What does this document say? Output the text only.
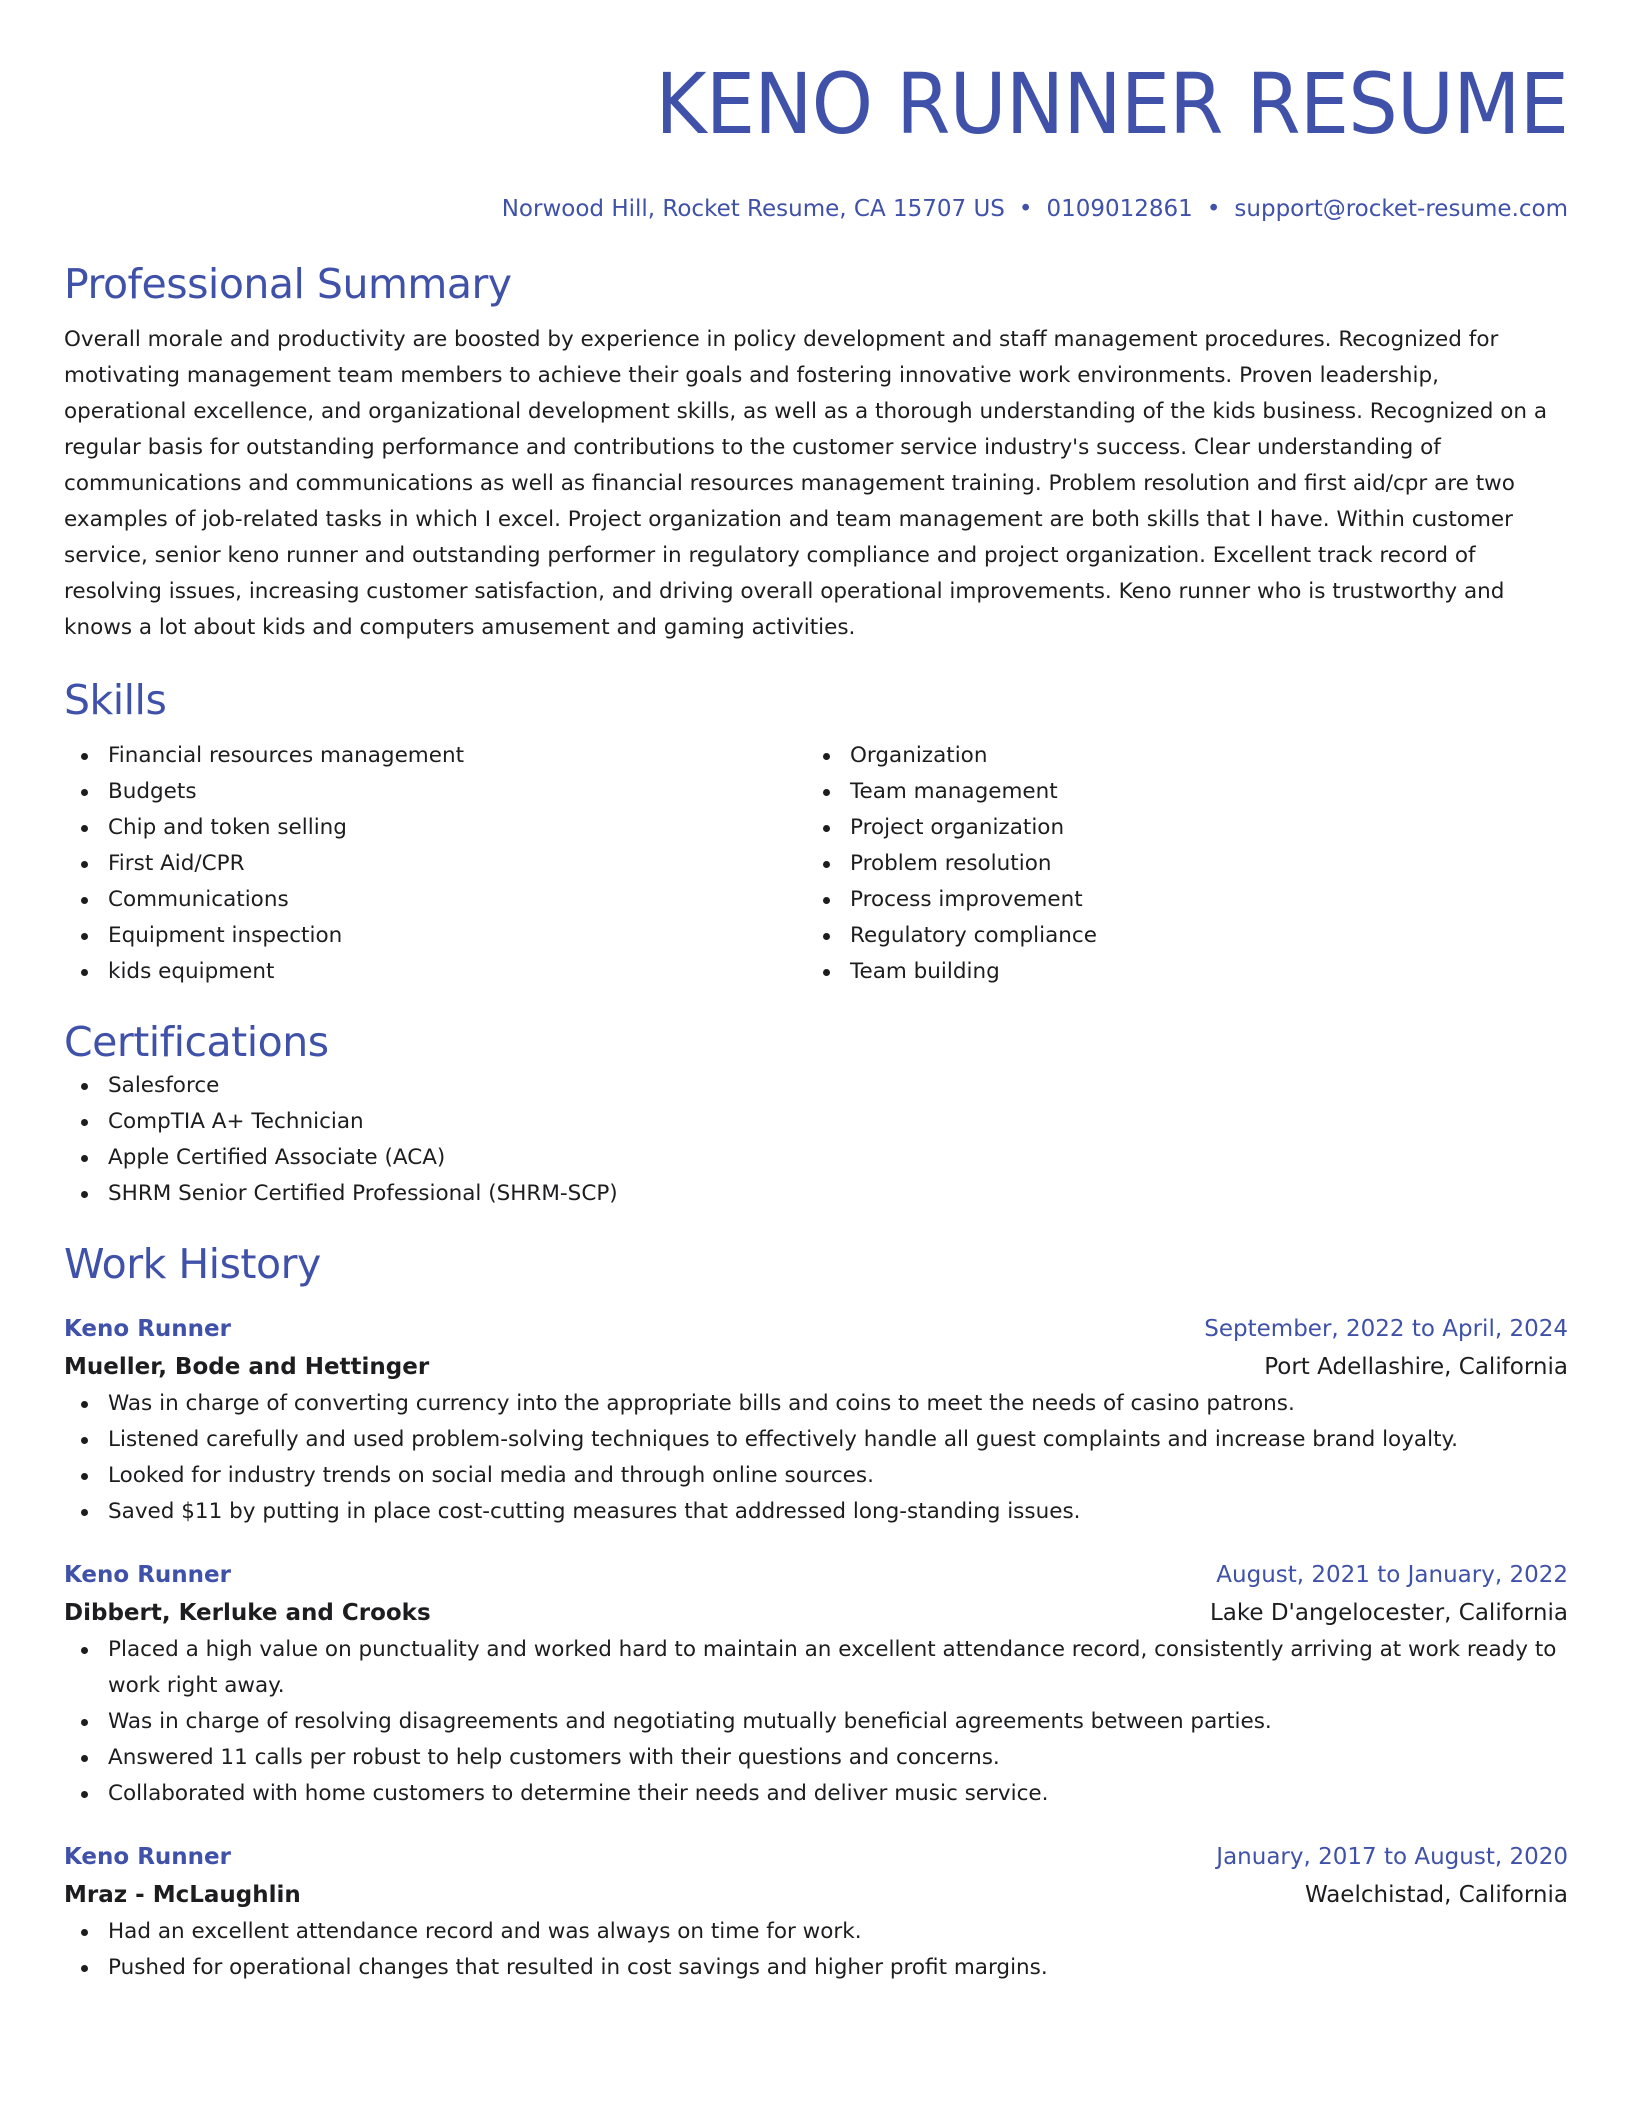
KENO RUNNER RESUME
Norwood Hill, Rocket Resume, CA 15707 US • 0109012861 • support@rocket-resume.com
Professional Summary
Overall morale and productivity are boosted by experience in policy development and staff management procedures. Recognized for motivating management team members to achieve their goals and fostering innovative work environments. Proven leadership, operational excellence, and organizational development skills, as well as a thorough understanding of the kids business. Recognized on a regular basis for outstanding performance and contributions to the customer service industry's success. Clear understanding of communications and communications as well as financial resources management training. Problem resolution and first aid/cpr are two examples of job-related tasks in which I excel. Project organization and team management are both skills that I have. Within customer service, senior keno runner and outstanding performer in regulatory compliance and project organization. Excellent track record of resolving issues, increasing customer satisfaction, and driving overall operational improvements. Keno runner who is trustworthy and knows a lot about kids and computers amusement and gaming activities.
Skills
Financial resources management
Budgets
Chip and token selling
First Aid/CPR
Communications
Equipment inspection
kids equipment
Organization
Team management
Project organization
Problem resolution
Process improvement
Regulatory compliance
Team building
Certifications
Salesforce
CompTIA A+ Technician
Apple Certified Associate (ACA)
SHRM Senior Certified Professional (SHRM-SCP)
Work History
Keno Runner	September, 2022 to April, 2024
Mueller, Bode and Hettinger	Port Adellashire, California
Was in charge of converting currency into the appropriate bills and coins to meet the needs of casino patrons.
Listened carefully and used problem-solving techniques to effectively handle all guest complaints and increase brand loyalty.
Looked for industry trends on social media and through online sources.
Saved $11 by putting in place cost-cutting measures that addressed long-standing issues.
Keno Runner	August, 2021 to January, 2022
Dibbert, Kerluke and Crooks	Lake D'angelocester, California
Placed a high value on punctuality and worked hard to maintain an excellent attendance record, consistently arriving at work ready to work right away.
Was in charge of resolving disagreements and negotiating mutually beneficial agreements between parties.
Answered 11 calls per robust to help customers with their questions and concerns.
Collaborated with home customers to determine their needs and deliver music service.
Keno Runner	January, 2017 to August, 2020
Mraz - McLaughlin	Waelchistad, California
Had an excellent attendance record and was always on time for work.
Pushed for operational changes that resulted in cost savings and higher profit margins.
